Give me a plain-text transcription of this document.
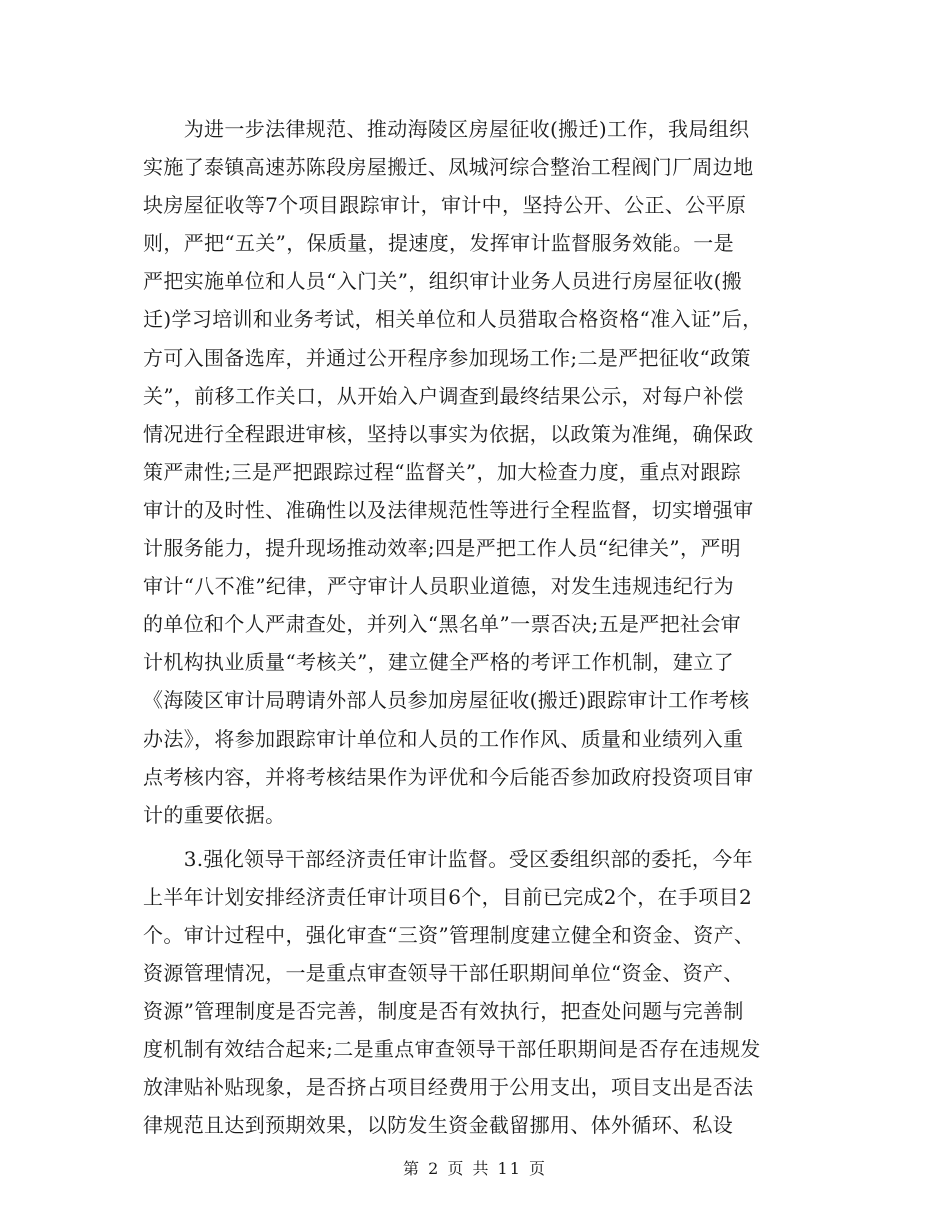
　　为进一步法律规范、推动海陵区房屋征收(搬迁)工作，我局组织
实施了泰镇高速苏陈段房屋搬迁、凤城河综合整治工程阀门厂周边地
块房屋征收等7个项目跟踪审计，审计中，坚持公开、公正、公平原
则，严把“五关”，保质量，提速度，发挥审计监督服务效能。一是
严把实施单位和人员“入门关”，组织审计业务人员进行房屋征收(搬
迁)学习培训和业务考试，相关单位和人员猎取合格资格“准入证”后，
方可入围备选库，并通过公开程序参加现场工作;二是严把征收“政策
关”，前移工作关口，从开始入户调查到最终结果公示，对每户补偿
情况进行全程跟进审核，坚持以事实为依据，以政策为准绳，确保政
策严肃性;三是严把跟踪过程“监督关”，加大检查力度，重点对跟踪
审计的及时性、准确性以及法律规范性等进行全程监督，切实增强审
计服务能力，提升现场推动效率;四是严把工作人员“纪律关”，严明
审计“八不准”纪律，严守审计人员职业道德，对发生违规违纪行为
的单位和个人严肃查处，并列入“黑名单”一票否决;五是严把社会审
计机构执业质量“考核关”，建立健全严格的考评工作机制，建立了
《海陵区审计局聘请外部人员参加房屋征收(搬迁)跟踪审计工作考核
办法》，将参加跟踪审计单位和人员的工作作风、质量和业绩列入重
点考核内容，并将考核结果作为评优和今后能否参加政府投资项目审
计的重要依据。
　　3.强化领导干部经济责任审计监督。受区委组织部的委托，今年
上半年计划安排经济责任审计项目6个，目前已完成2个，在手项目2
个。审计过程中，强化审查“三资”管理制度建立健全和资金、资产、
资源管理情况，一是重点审查领导干部任职期间单位“资金、资产、
资源”管理制度是否完善，制度是否有效执行，把查处问题与完善制
度机制有效结合起来;二是重点审查领导干部任职期间是否存在违规发
放津贴补贴现象，是否挤占项目经费用于公用支出，项目支出是否法
律规范且达到预期效果，以防发生资金截留挪用、体外循环、私设
第 2 页 共 11 页
